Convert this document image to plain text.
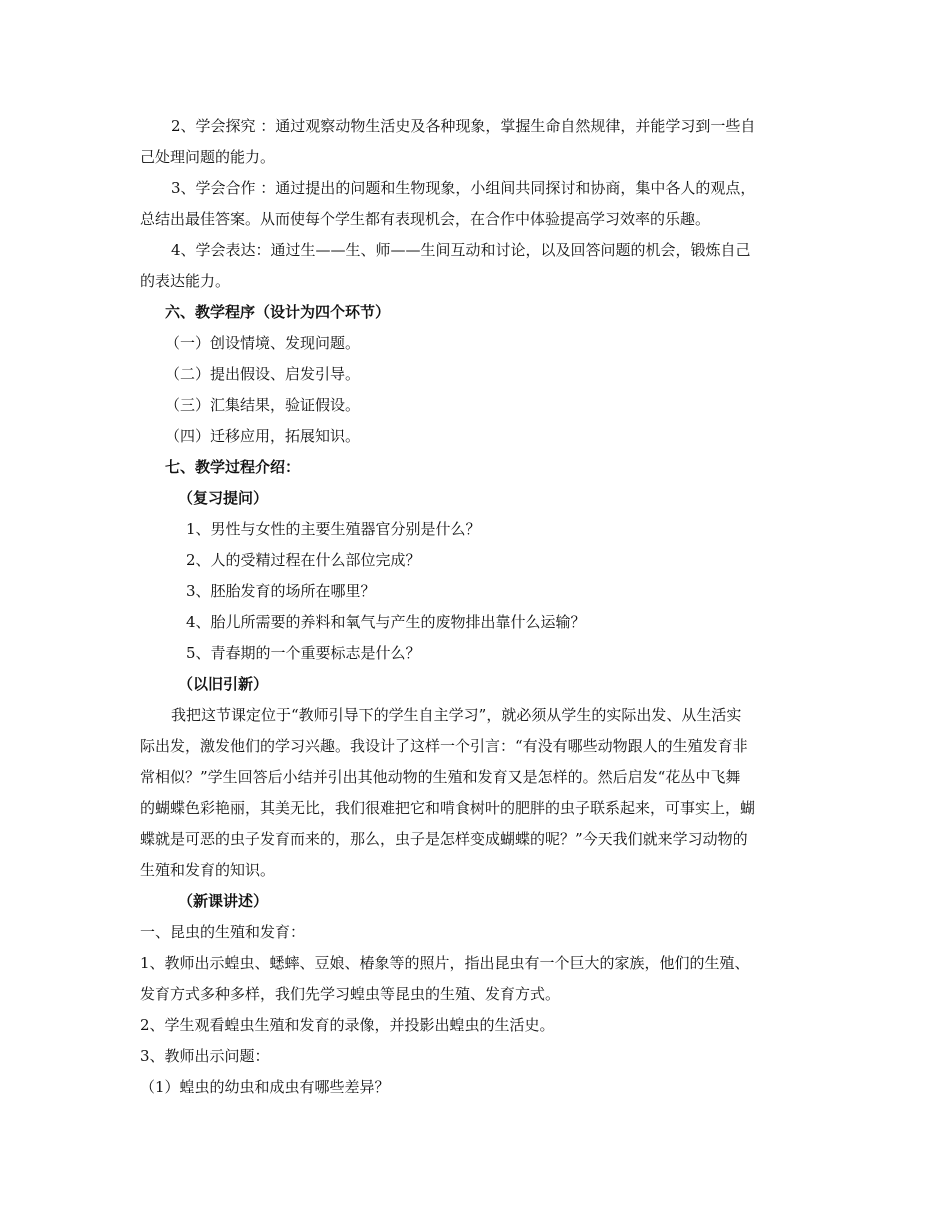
2、学会探究 ：通过观察动物生活史及各种现象，掌握生命自然规律，并能学习到一些自
己处理问题的能力。
3、学会合作 ：通过提出的问题和生物现象，小组间共同探讨和协商，集中各人的观点，
总结出最佳答案。从而使每个学生都有表现机会，在合作中体验提高学习效率的乐趣。
4、学会表达：通过生——生、师——生间互动和讨论，以及回答问题的机会，锻炼自己
的表达能力。
六、教学程序（设计为四个环节）
（一）创设情境、发现问题。
（二）提出假设、启发引导。
（三）汇集结果，验证假设。
（四）迁移应用，拓展知识。
七、教学过程介绍：
（复习提问）
1、男性与女性的主要生殖器官分别是什么？
2、人的受精过程在什么部位完成？
3、胚胎发育的场所在哪里？
4、胎儿所需要的养料和氧气与产生的废物排出靠什么运输？
5、青春期的一个重要标志是什么？
（以旧引新）
我把这节课定位于“教师引导下的学生自主学习”，就必须从学生的实际出发、从生活实
际出发，激发他们的学习兴趣。我设计了这样一个引言：“有没有哪些动物跟人的生殖发育非
常相似？”学生回答后小结并引出其他动物的生殖和发育又是怎样的。然后启发“花丛中飞舞
的蝴蝶色彩艳丽，其美无比，我们很难把它和啃食树叶的肥胖的虫子联系起来，可事实上，蝴
蝶就是可恶的虫子发育而来的，那么，虫子是怎样变成蝴蝶的呢？”今天我们就来学习动物的
生殖和发育的知识。
（新课讲述）
一、昆虫的生殖和发育：
1、教师出示蝗虫、蟋蟀、豆娘、椿象等的照片，指出昆虫有一个巨大的家族，他们的生殖、
发育方式多种多样，我们先学习蝗虫等昆虫的生殖、发育方式。
2、学生观看蝗虫生殖和发育的录像，并投影出蝗虫的生活史。
3、教师出示问题：
（1）蝗虫的幼虫和成虫有哪些差异？
